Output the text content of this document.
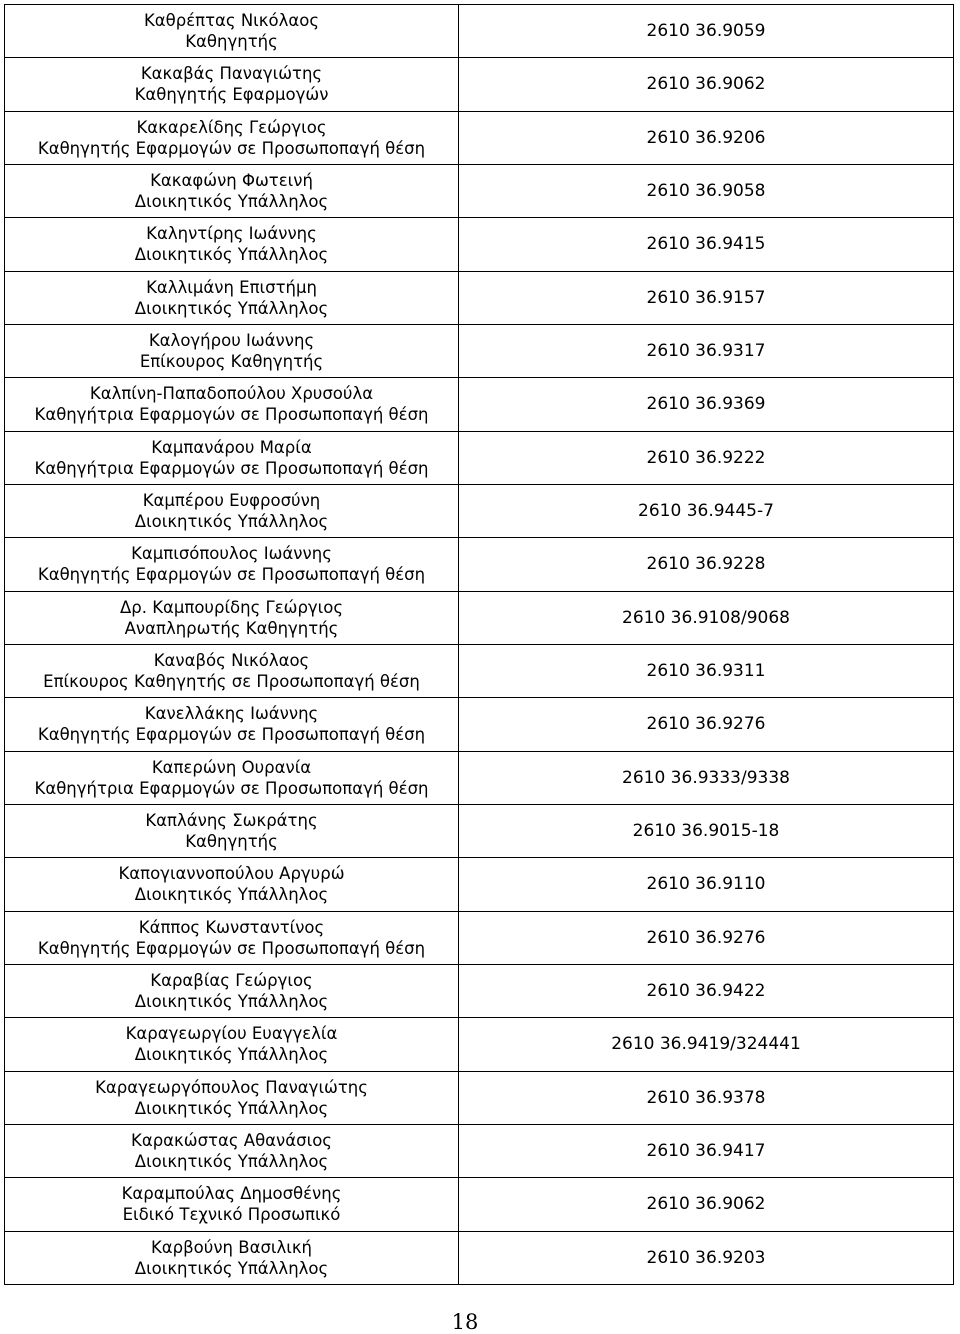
Καθρέπτας Νικόλαος
Καθηγητής	2610 36.9059

Κακαβάς Παναγιώτης
Καθηγητής Εφαρμογών	2610 36.9062

Κακαρελίδης Γεώργιος
Καθηγητής Εφαρμογών σε Προσωποπαγή θέση	2610 36.9206

Κακαφώνη Φωτεινή
Διοικητικός Υπάλληλος	2610 36.9058

Καληντίρης Ιωάννης
Διοικητικός Υπάλληλος	2610 36.9415

Καλλιμάνη Επιστήμη
Διοικητικός Υπάλληλος	2610 36.9157

Καλογήρου Ιωάννης
Επίκουρος Καθηγητής	2610 36.9317

Καλπίνη-Παπαδοπούλου Χρυσούλα
Καθηγήτρια Εφαρμογών σε Προσωποπαγή θέση	2610 36.9369

Καμπανάρου Μαρία
Καθηγήτρια Εφαρμογών σε Προσωποπαγή θέση	2610 36.9222

Καμπέρου Ευφροσύνη
Διοικητικός Υπάλληλος	2610 36.9445-7

Καμπισόπουλος Ιωάννης
Καθηγητής Εφαρμογών σε Προσωποπαγή θέση	2610 36.9228

Δρ. Καμπουρίδης Γεώργιος
Αναπληρωτής Καθηγητής	2610 36.9108/9068

Καναβός Νικόλαος
Επίκουρος Καθηγητής σε Προσωποπαγή θέση	2610 36.9311

Κανελλάκης Ιωάννης
Καθηγητής Εφαρμογών σε Προσωποπαγή θέση	2610 36.9276

Καπερώνη Ουρανία
Καθηγήτρια Εφαρμογών σε Προσωποπαγή θέση	2610 36.9333/9338

Καπλάνης Σωκράτης
Καθηγητής	2610 36.9015-18

Καπογιαννοπούλου Αργυρώ
Διοικητικός Υπάλληλος	2610 36.9110

Κάππος Κωνσταντίνος
Καθηγητής Εφαρμογών σε Προσωποπαγή θέση	2610 36.9276

Καραβίας Γεώργιος
Διοικητικός Υπάλληλος	2610 36.9422

Καραγεωργίου Ευαγγελία
Διοικητικός Υπάλληλος	2610 36.9419/324441

Καραγεωργόπουλος Παναγιώτης
Διοικητικός Υπάλληλος	2610 36.9378

Καρακώστας Αθανάσιος
Διοικητικός Υπάλληλος	2610 36.9417

Καραμπούλας Δημοσθένης
Ειδικό Τεχνικό Προσωπικό	2610 36.9062

Καρβούνη Βασιλική
Διοικητικός Υπάλληλος	2610 36.9203
18
